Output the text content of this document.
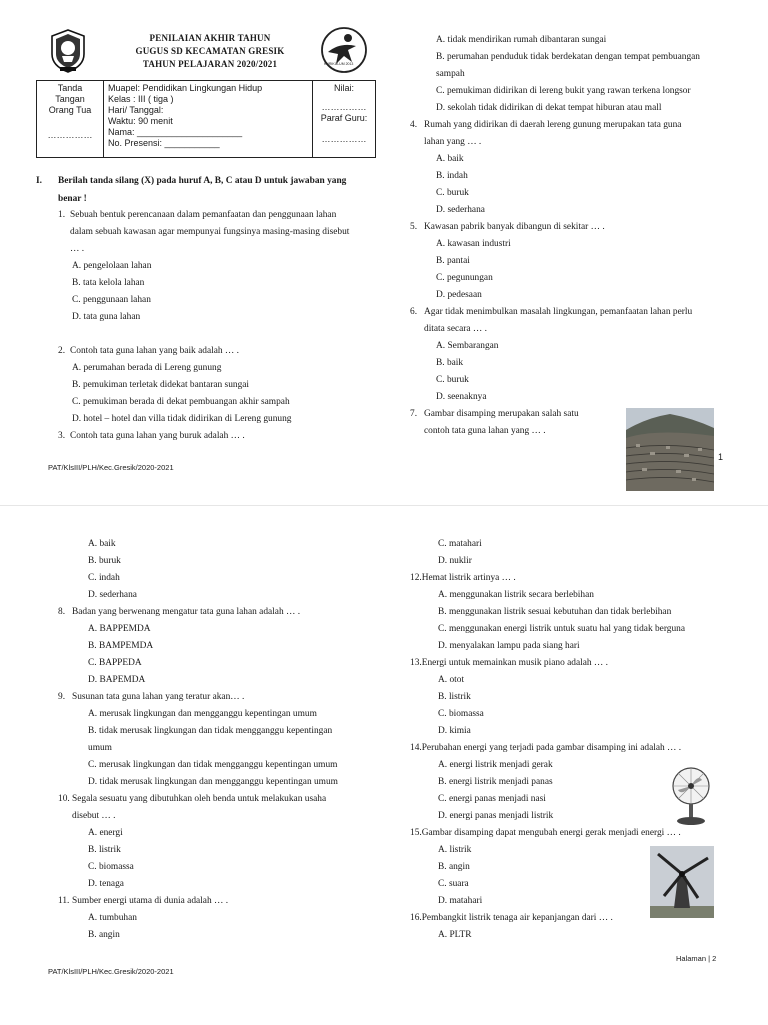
PENILAIAN AKHIR TAHUN
GUGUS SD KECAMATAN GRESIK
TAHUN PELAJARAN 2020/2021	KURIKULUM 2013
Tanda
Tangan
Orang Tua
……………

Muapel: Pendidikan Lingkungan Hidup
Kelas : III ( tiga )
Hari/ Tanggal:
Waktu: 90 menit
Nama: _____________________
No. Presensi: ___________

Nilai:
……………
Paraf Guru:
……………
I. Berilah tanda silang (X) pada huruf A, B, C atau D untuk jawaban yang
benar !
1. Sebuah bentuk perencanaan dalam pemanfaatan dan penggunaan lahan
dalam sebuah kawasan agar mempunyai fungsinya masing-masing disebut
… .
A. pengelolaan lahan
B. tata kelola lahan
C. penggunaan lahan
D. tata guna lahan
2. Contoh tata guna lahan yang baik adalah … .
A. perumahan berada di Lereng gunung
B. pemukiman terletak didekat bantaran sungai
C. pemukiman berada di dekat pembuangan akhir sampah
D. hotel – hotel dan villa tidak didirikan di Lereng gunung
3. Contoh tata guna lahan yang buruk adalah … .
A. tidak mendirikan rumah dibantaran sungai
B. perumahan penduduk tidak berdekatan dengan tempat pembuangan
sampah
C. pemukiman didirikan di lereng bukit yang rawan terkena longsor
D. sekolah tidak didirikan di dekat tempat hiburan atau mall
4. Rumah yang didirikan di daerah lereng gunung merupakan tata guna
lahan yang … .
A. baik
B. indah
C. buruk
D. sederhana
5. Kawasan pabrik banyak dibangun di sekitar … .
A. kawasan industri
B. pantai
C. pegunungan
D. pedesaan
6. Agar tidak menimbulkan masalah lingkungan, pemanfaatan lahan perlu
ditata secara … .
A. Sembarangan
B. baik
C. buruk
D. seenaknya
7. Gambar disamping merupakan salah satu
contoh tata guna lahan yang … .
PAT/KlsIII/PLH/Kec.Gresik/2020-2021
1
A. baik
B. buruk
C. indah
D. sederhana
8. Badan yang berwenang mengatur tata guna lahan adalah … .
A. BAPPEMDA
B. BAMPEMDA
C. BAPPEDA
D. BAPEMDA
9. Susunan tata guna lahan yang teratur akan… .
A. merusak lingkungan dan mengganggu kepentingan umum
B. tidak merusak lingkungan dan tidak mengganggu kepentingan
umum
C. merusak lingkungan dan tidak mengganggu kepentingan umum
D. tidak merusak lingkungan dan mengganggu kepentingan umum
10. Segala sesuatu yang dibutuhkan oleh benda untuk melakukan usaha
disebut … .
A. energi
B. listrik
C. biomassa
D. tenaga
11. Sumber energi utama di dunia adalah … .
A. tumbuhan
B. angin
C. matahari
D. nuklir
12.Hemat listrik artinya … .
A. menggunakan listrik secara berlebihan
B. menggunakan listrik sesuai kebutuhan dan tidak berlebihan
C. menggunakan energi listrik untuk suatu hal yang tidak berguna
D. menyalakan lampu pada siang hari
13.Energi untuk memainkan musik piano adalah … .
A. otot
B. listrik
C. biomassa
D. kimia
14.Perubahan energi yang terjadi pada gambar disamping ini adalah … .
A. energi listrik menjadi gerak
B. energi listrik menjadi panas
C. energi panas menjadi nasi
D. energi panas menjadi listrik
15.Gambar disamping dapat mengubah energi gerak menjadi energi … .
A. listrik
B. angin
C. suara
D. matahari
16.Pembangkit listrik tenaga air kepanjangan dari … .
A. PLTR
PAT/KlsIII/PLH/Kec.Gresik/2020-2021
Halaman | 2
